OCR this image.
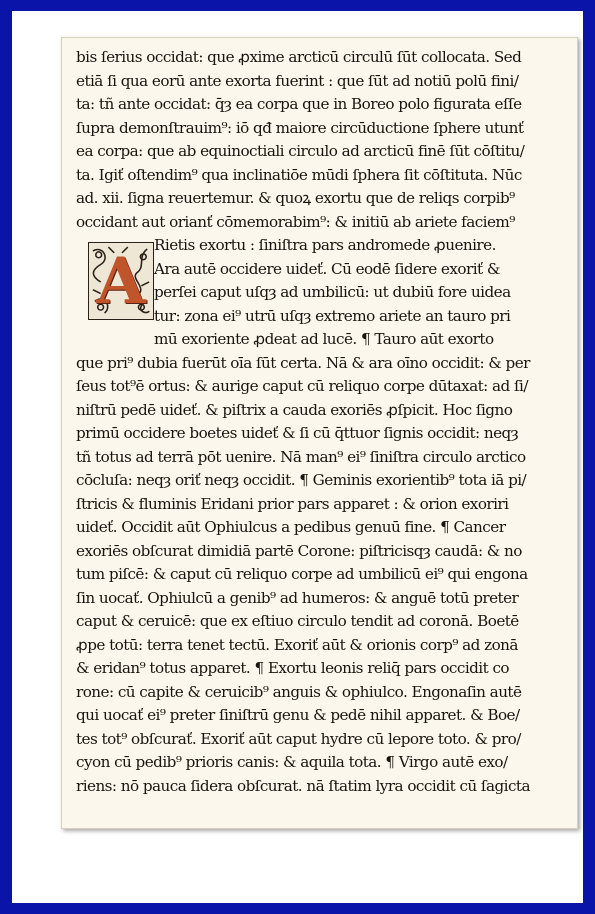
A
bis ſerius occidat: que ꝓxime arcticū circulū ſūt collocata. Sed
etiā ſi qua eorū ante exorta fuerint : que ſūt ad notiū polū fini/
ta: tñ ante occidat: q̄ȝ ea corpa que in Boreo polo figurata eſſe
ſupra demonſtrauim⁹: iō qđ maiore circūductione ſphere utunť
ea corpa: que ab equinoctiali circulo ad arcticū finē ſūt cōſtitu/
ta. Igiť oſtendim⁹ qua inclinatiōe mūdi ſphera ſit cōſtituta. Nūc
ad. xii. ſigna reuertemur. & quoꝝ exortu que de reliqs corpib⁹
occidant aut orianť cōmemorabim⁹: & initiū ab ariete faciem⁹
Rietis exortu : ſiniſtra pars andromede ꝓuenire.
Ara autē occidere uideť. Cū eodē ſidere exoriť &
perſei caput uſqȝ ad umbilicū: ut dubiū fore uidea
tur: zona ei⁹ utrū uſqȝ extremo ariete an tauro pri
mū exoriente ꝓdeat ad lucē. ¶ Tauro aūt exorto
que pri⁹ dubia fuerūt oīa ſūt certa. Nā & ara oīno occidit: & per
ſeus tot⁹ē ortus: & aurige caput cū reliquo corpe dūtaxat: ad ſi/
niſtrū pedē uideť. & piſtrix a cauda exoriēs ꝓſpicit. Hoc ſigno
primū occidere boetes uideť & ſi cū q̄ttuor ſignis occidit: neqȝ
tñ totus ad terrā pōt uenire. Nā man⁹ ei⁹ ſiniſtra circulo arctico
cōcluſa: neqȝ oriť neqȝ occidit. ¶ Geminis exorientib⁹ tota iā pi/
ſtricis & fluminis Eridani prior pars apparet : & orion exoriri
uideť. Occidit aūt Ophiulcus a pedibus genuū fine. ¶ Cancer
exoriēs obſcurat dimidiā partē Corone: piſtricisqȝ caudā: & no
tum piſcē: & caput cū reliquo corpe ad umbilicū ei⁹ qui engona
ſin uocať. Ophiulcū a genib⁹ ad humeros: & anguē totū preter
caput & ceruicē: que ex eſtiuo circulo tendit ad coronā. Boetē
ꝓpe totū: terra tenet tectū. Exoriť aūt & orionis corp⁹ ad zonā
& eridan⁹ totus apparet. ¶ Exortu leonis reliq̄ pars occidit co
rone: cū capite & ceruicib⁹ anguis & ophiulco. Engonaſin autē
qui uocať ei⁹ preter ſiniſtrū genu & pedē nihil apparet. & Boe/
tes tot⁹ obſcurať. Exoriť aūt caput hydre cū lepore toto. & pro/
cyon cū pedib⁹ prioris canis: & aquila tota. ¶ Virgo autē exo/
riens: nō pauca ſidera obſcurat. nā ſtatim lyra occidit cū ſagicta
